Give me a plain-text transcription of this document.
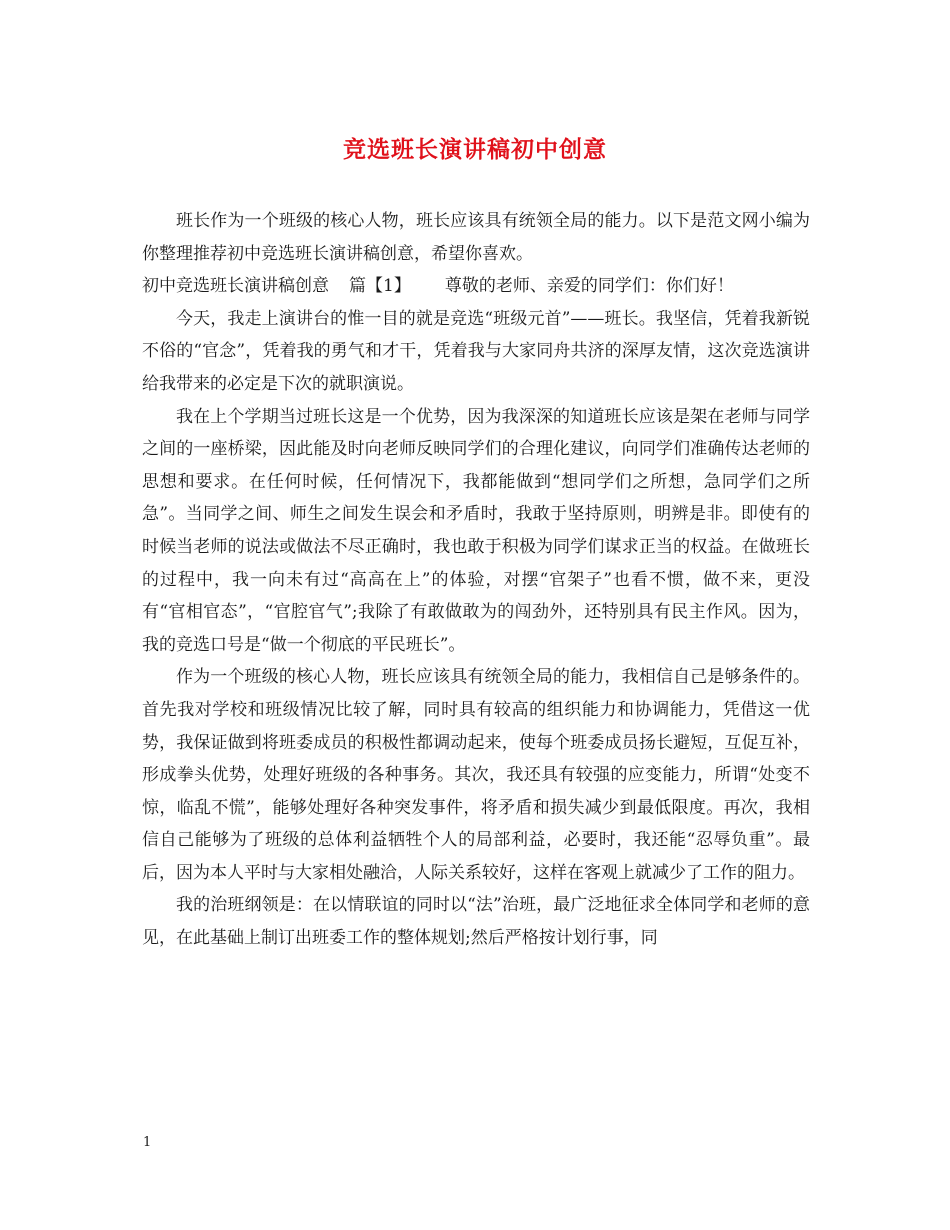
竞选班长演讲稿初中创意

班长作为一个班级的核心人物，班长应该具有统领全局的能力。以下是范文网小编为你整理推荐初中竞选班长演讲稿创意，希望你喜欢。

初中竞选班长演讲稿创意 篇【1】 尊敬的老师、亲爱的同学们：你们好！

今天，我走上演讲台的惟一目的就是竞选“班级元首”——班长。我坚信，凭着我新锐不俗的“官念”，凭着我的勇气和才干，凭着我与大家同舟共济的深厚友情，这次竞选演讲给我带来的必定是下次的就职演说。

我在上个学期当过班长这是一个优势，因为我深深的知道班长应该是架在老师与同学之间的一座桥梁，因此能及时向老师反映同学们的合理化建议，向同学们准确传达老师的思想和要求。在任何时候，任何情况下，我都能做到“想同学们之所想，急同学们之所急”。当同学之间、师生之间发生误会和矛盾时，我敢于坚持原则，明辨是非。即使有的时候当老师的说法或做法不尽正确时，我也敢于积极为同学们谋求正当的权益。在做班长的过程中，我一向未有过“高高在上”的体验，对摆“官架子”也看不惯，做不来，更没有“官相官态”，“官腔官气”;我除了有敢做敢为的闯劲外，还特别具有民主作风。因为，我的竞选口号是“做一个彻底的平民班长”。

作为一个班级的核心人物，班长应该具有统领全局的能力，我相信自己是够条件的。首先我对学校和班级情况比较了解，同时具有较高的组织能力和协调能力，凭借这一优势，我保证做到将班委成员的积极性都调动起来，使每个班委成员扬长避短，互促互补，形成拳头优势，处理好班级的各种事务。其次，我还具有较强的应变能力，所谓“处变不惊，临乱不慌”，能够处理好各种突发事件，将矛盾和损失减少到最低限度。再次，我相信自己能够为了班级的总体利益牺牲个人的局部利益，必要时，我还能“忍辱负重”。最后，因为本人平时与大家相处融洽，人际关系较好，这样在客观上就减少了工作的阻力。

我的治班纲领是：在以情联谊的同时以“法”治班，最广泛地征求全体同学和老师的意见，在此基础上制订出班委工作的整体规划;然后严格按计划行事，同

1
